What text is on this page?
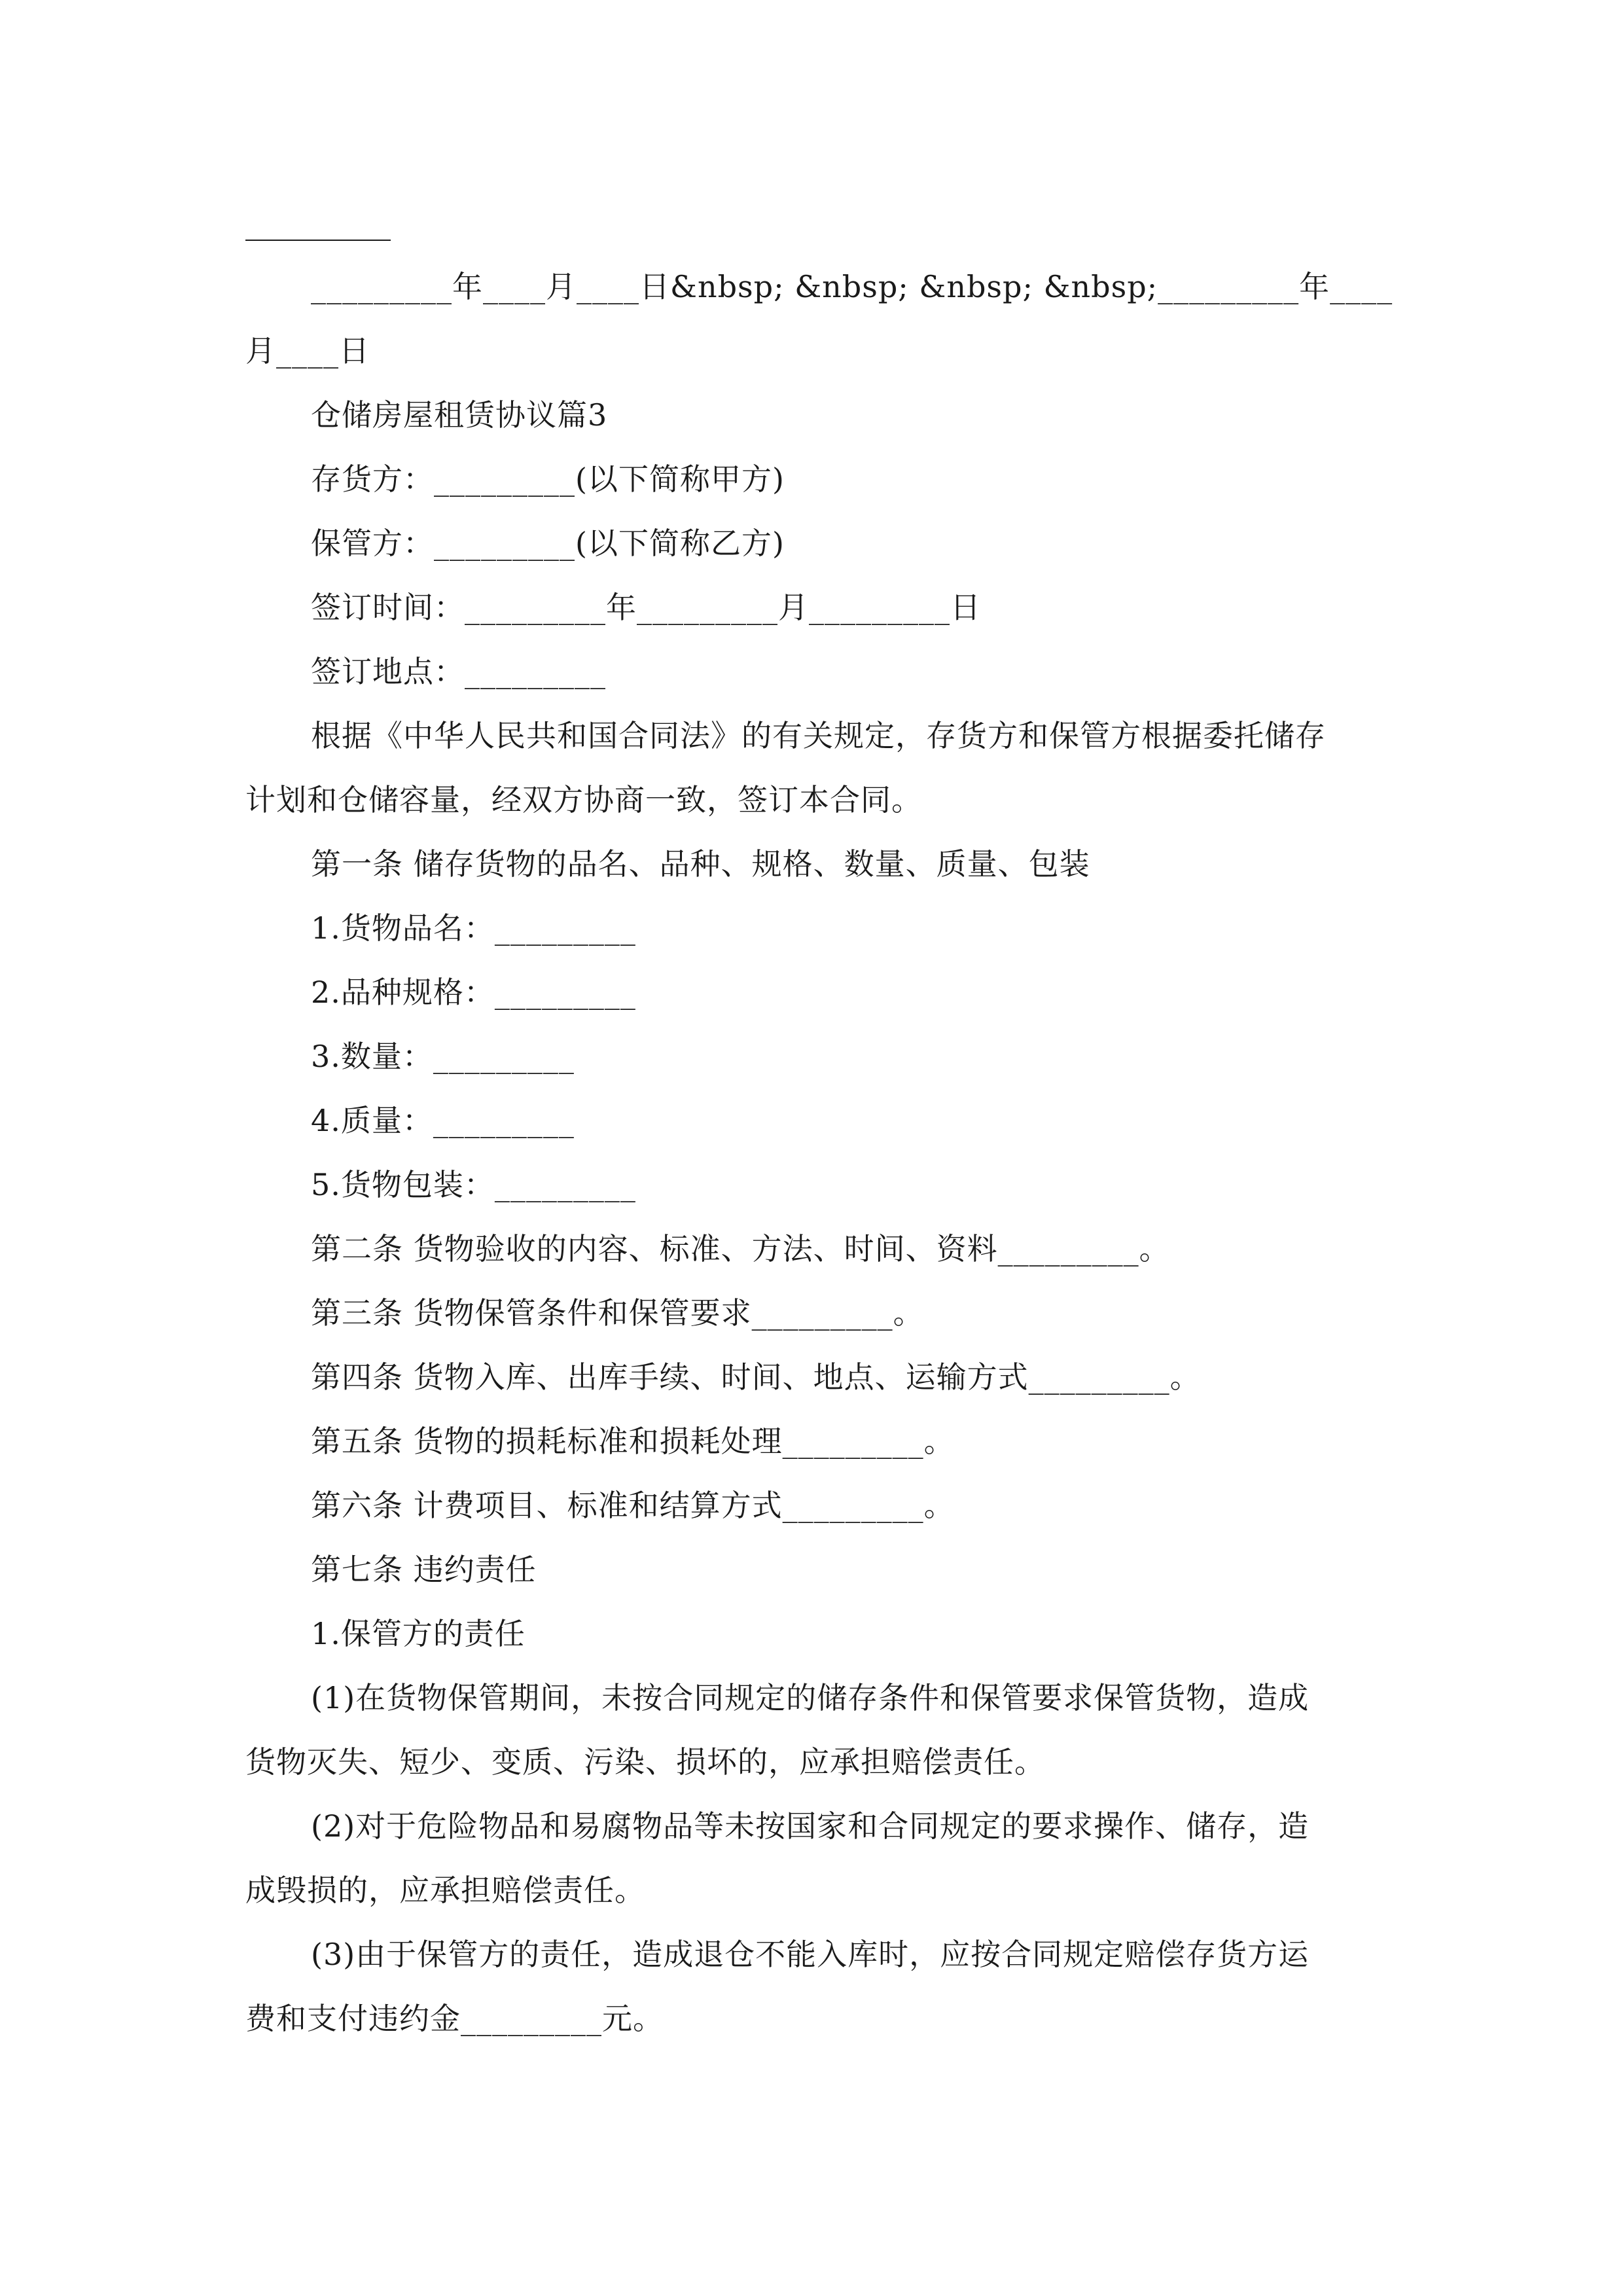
_________年____月____日&nbsp; &nbsp; &nbsp; &nbsp;_________年____
月____日
仓储房屋租赁协议篇3
存货方：_________(以下简称甲方)
保管方：_________(以下简称乙方)
签订时间：_________年_________月_________日
签订地点：_________
根据《中华人民共和国合同法》的有关规定，存货方和保管方根据委托储存
计划和仓储容量，经双方协商一致，签订本合同。
第一条 储存货物的品名、品种、规格、数量、质量、包装
1.货物品名：_________
2.品种规格：_________
3.数量：_________
4.质量：_________
5.货物包装：_________
第二条 货物验收的内容、标准、方法、时间、资料_________。
第三条 货物保管条件和保管要求_________。
第四条 货物入库、出库手续、时间、地点、运输方式_________。
第五条 货物的损耗标准和损耗处理_________。
第六条 计费项目、标准和结算方式_________。
第七条 违约责任
1.保管方的责任
(1)在货物保管期间，未按合同规定的储存条件和保管要求保管货物，造成
货物灭失、短少、变质、污染、损坏的，应承担赔偿责任。
(2)对于危险物品和易腐物品等未按国家和合同规定的要求操作、储存，造
成毁损的，应承担赔偿责任。
(3)由于保管方的责任，造成退仓不能入库时，应按合同规定赔偿存货方运
费和支付违约金_________元。
